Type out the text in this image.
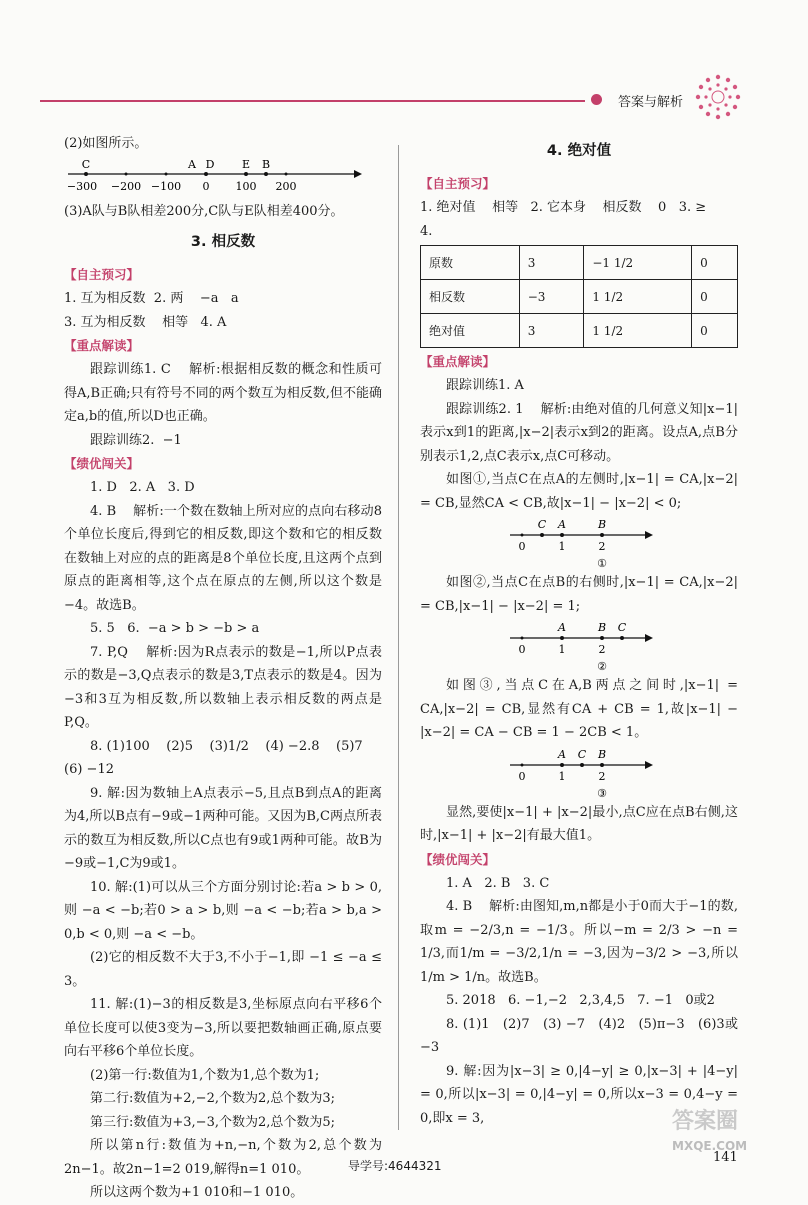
答案与解析

(2)如图所示。

C	A D	E B
−300 −200 −100 0 100 200

(3)A队与B队相差200分,C队与E队相差400分。

3. 相反数
【自主预习】

1. 互为相反数  2. 两    −a   a

3. 互为相反数    相等   4. A

【重点解读】

跟踪训练1. C    解析:根据相反数的概念和性质可得A,B正确;只有符号不同的两个数互为相反数,但不能确定a,b的值,所以D也正确。

跟踪训练2.  −1

【绩优闯关】

1. D   2. A   3. D

4. B    解析:一个数在数轴上所对应的点向右移动8个单位长度后,得到它的相反数,即这个数和它的相反数在数轴上对应的点的距离是8个单位长度,且这两个点到原点的距离相等,这个点在原点的左侧,所以这个数是−4。故选B。

5. 5   6.  −a > b > −b > a

7. P,Q    解析:因为R点表示的数是−1,所以P点表示的数是−3,Q点表示的数是3,T点表示的数是4。因为−3和3互为相反数,所以数轴上表示相反数的两点是P,Q。

8. (1)100    (2)5    (3)1/2    (4) −2.8    (5)7

(6) −12

9. 解:因为数轴上A点表示−5,且点B到点A的距离为4,所以B点有−9或−1两种可能。又因为B,C两点所表示的数互为相反数,所以C点也有9或1两种可能。故B为−9或−1,C为9或1。

10. 解:(1)可以从三个方面分别讨论:若a > b > 0,则 −a < −b;若0 > a > b,则 −a < −b;若a > b,a > 0,b < 0,则 −a < −b。

(2)它的相反数不大于3,不小于−1,即 −1 ≤ −a ≤ 3。

11. 解:(1)−3的相反数是3,坐标原点向右平移6个单位长度可以使3变为−3,所以要把数轴画正确,原点要向右平移6个单位长度。

(2)第一行:数值为1,个数为1,总个数为1;

第二行:数值为+2,−2,个数为2,总个数为3;

第三行:数值为+3,−3,个数为2,总个数为5;

所以第n行:数值为+n,−n,个数为2,总个数为2n−1。故2n−1=2 019,解得n=1 010。

所以这两个数为+1 010和−1 010。

4. 绝对值
【自主预习】

1. 绝对值    相等   2. 它本身    相反数    0   3. ≥

4.

原数	3	−1 1/2	0
相反数	−3	1 1/2	0
绝对值	3	1 1/2	0
【重点解读】

跟踪训练1. A

跟踪训练2. 1    解析:由绝对值的几何意义知|x−1|表示x到1的距离,|x−2|表示x到2的距离。设点A,点B分别表示1,2,点C表示x,点C可移动。

如图①,当点C在点A的左侧时,|x−1| = CA,|x−2| = CB,显然CA < CB,故|x−1| − |x−2| < 0;

C A	B
0	1	2
①

如图②,当点C在点B的右侧时,|x−1| = CA,|x−2| = CB,|x−1| − |x−2| = 1;

A	B C
0	1	2
②

如图③,当点C在A,B两点之间时,|x−1| = CA,|x−2| = CB,显然有CA + CB = 1,故|x−1| − |x−2| = CA − CB = 1 − 2CB < 1。

A C B
0	1	2
③

显然,要使|x−1| + |x−2|最小,点C应在点B右侧,这时,|x−1| + |x−2|有最大值1。

【绩优闯关】

1. A   2. B   3. C

4. B    解析:由图知,m,n都是小于0而大于−1的数,取m = −2/3,n = −1/3。所以−m = 2/3 > −n = 1/3,而1/m = −3/2,1/n = −3,因为−3/2 > −3,所以1/m > 1/n。故选B。

5. 2018   6. −1,−2   2,3,4,5   7. −1   0或2

8. (1)1   (2)7   (3) −7   (4)2   (5)π−3   (6)3或 −3

9. 解:因为|x−3| ≥ 0,|4−y| ≥ 0,|x−3| + |4−y| = 0,所以|x−3| = 0,|4−y| = 0,所以x−3 = 0,4−y = 0,即x = 3,

导学号:4644321
141
答案圈
MXQE.COM
